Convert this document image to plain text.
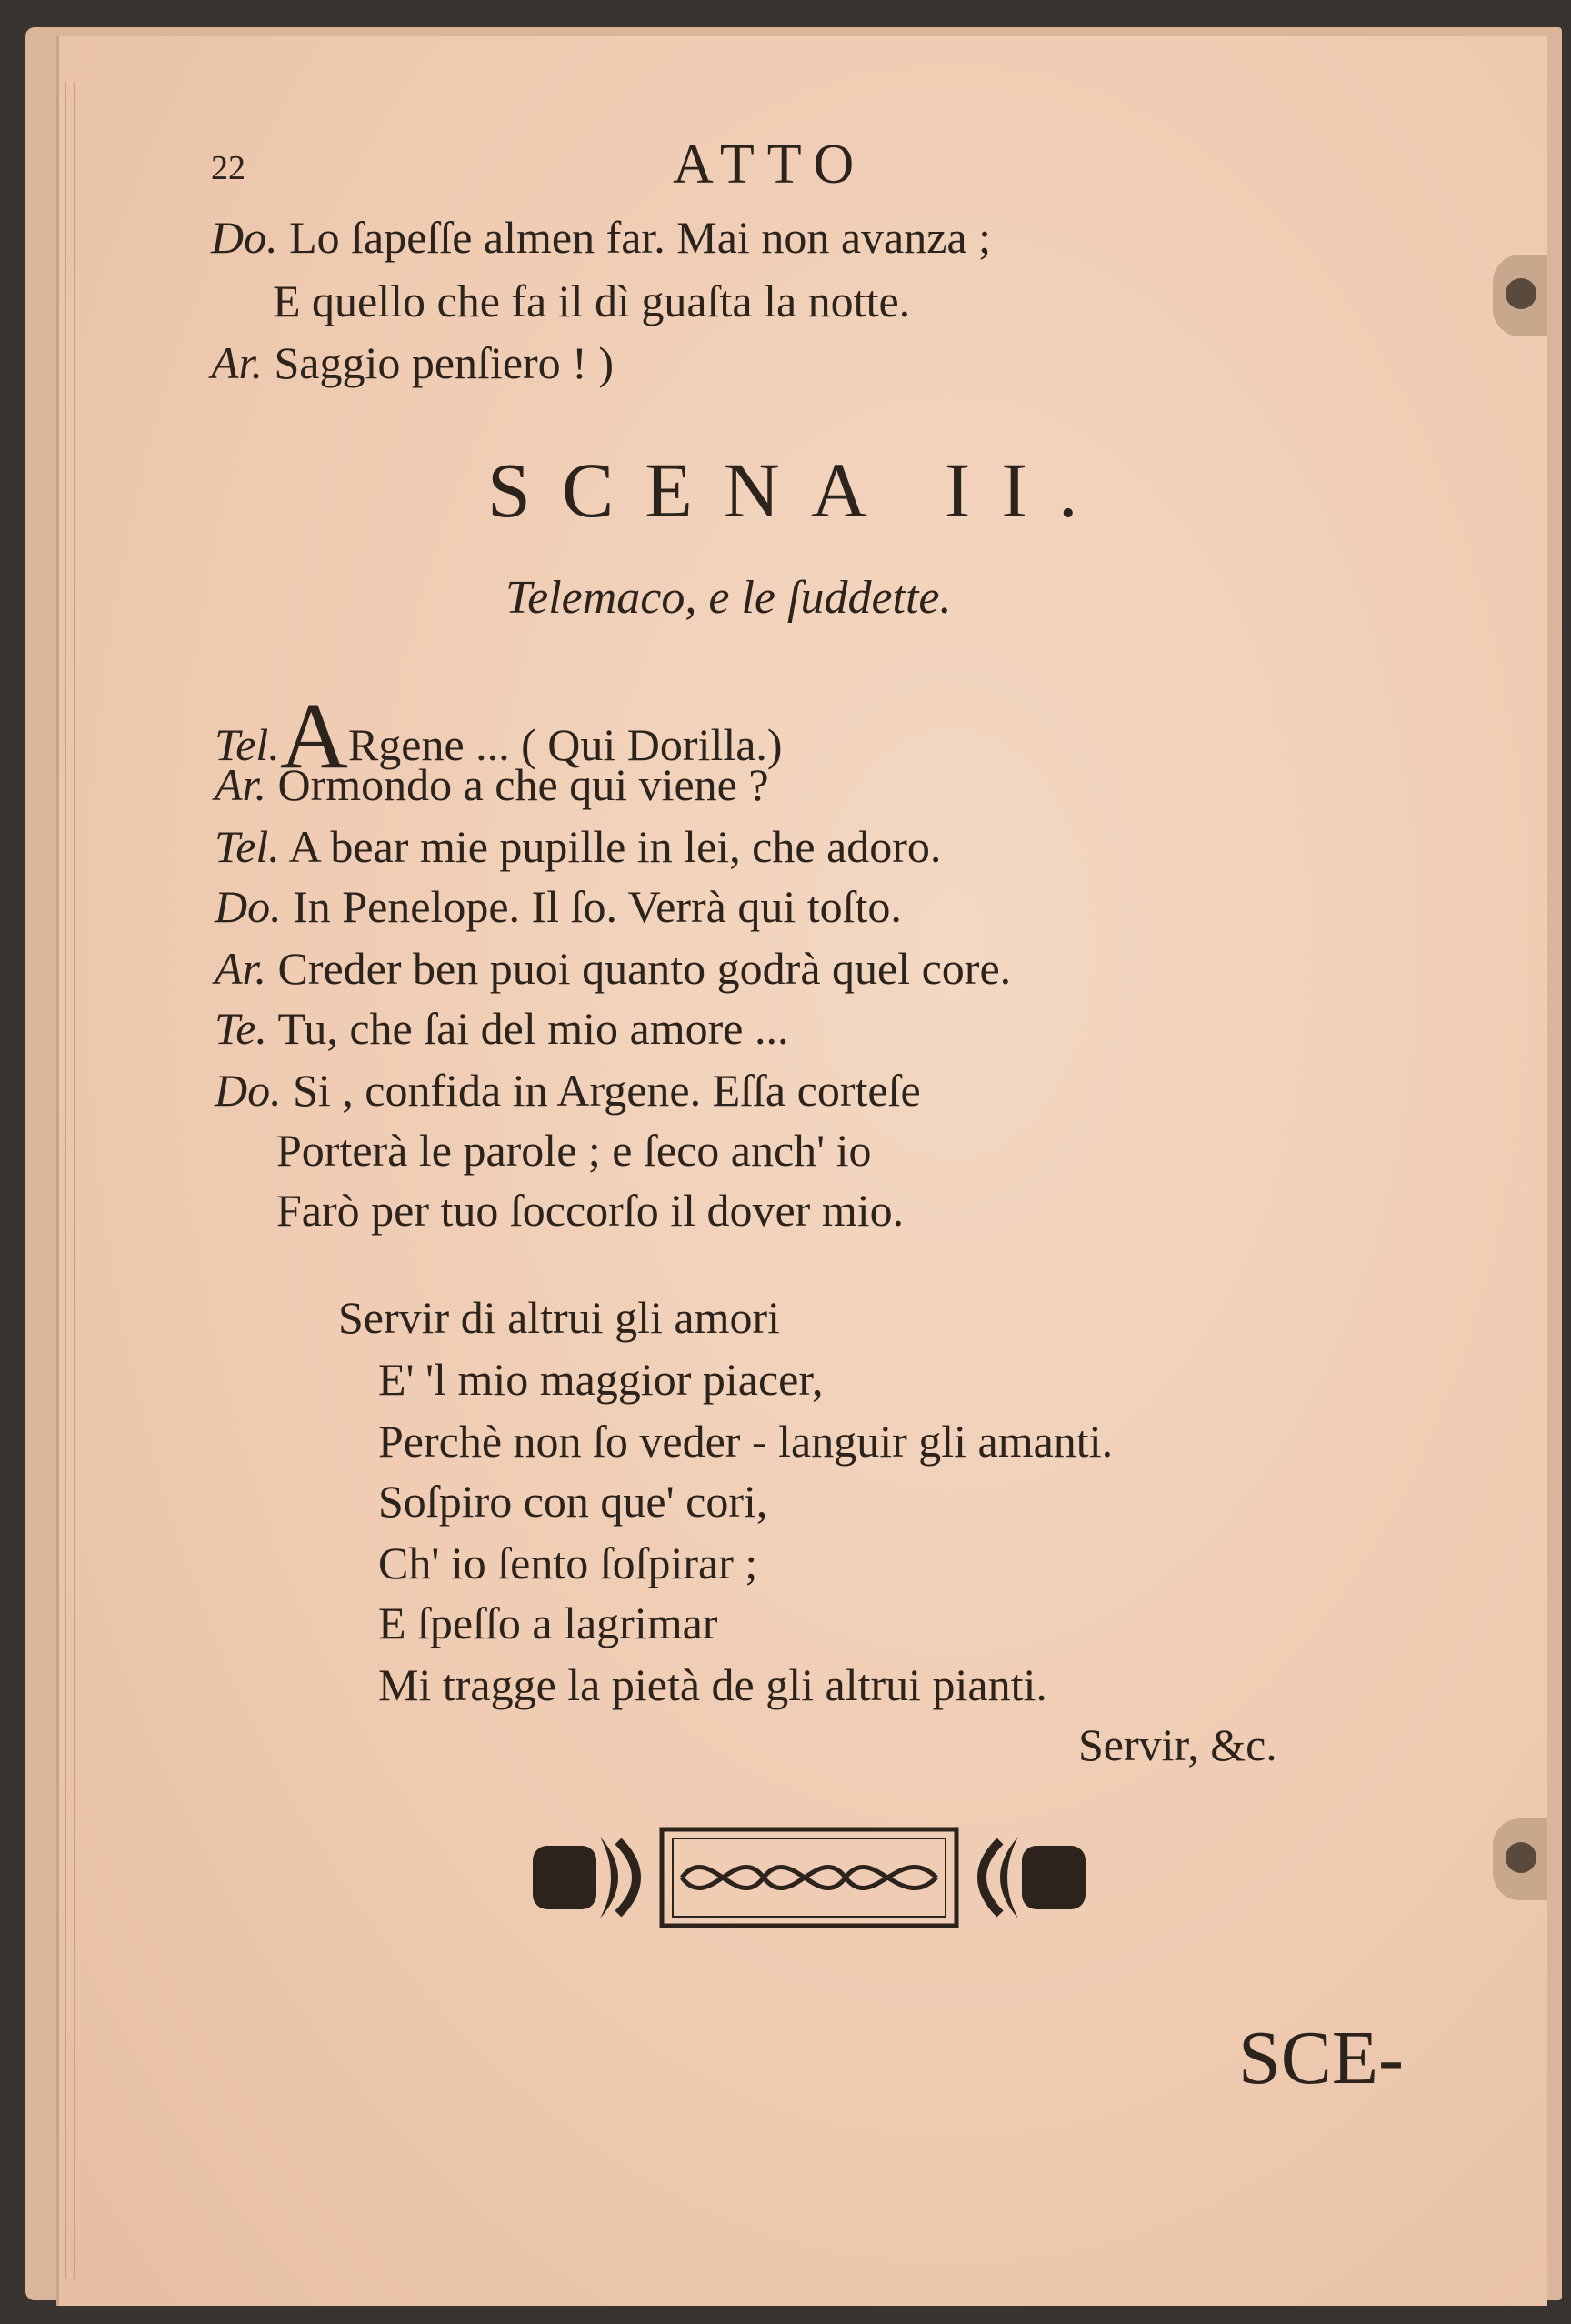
22	ATTO
Do. Lo ſapeſſe almen far. Mai non avanza ;
E quello che fa il dì guaſta la notte.
Ar. Saggio penſiero ! )
SCENA II.
Telemaco, e le ſuddette.
Tel.ARgene ... ( Qui Dorilla.)
Ar. Ormondo a che qui viene ?
Tel. A bear mie pupille in lei, che adoro.
Do. In Penelope. Il ſo. Verrà qui toſto.
Ar. Creder ben puoi quanto godrà quel core.
Te. Tu, che ſai del mio amore ...
Do. Si , confida in Argene. Eſſa corteſe
Porterà le parole ; e ſeco anch' io
Farò per tuo ſoccorſo il dover mio.
Servir di altrui gli amori
E' 'l mio maggior piacer,
Perchè non ſo veder - languir gli amanti.
Soſpiro con que' cori,
Ch' io ſento ſoſpirar ;
E ſpeſſo a lagrimar
Mi tragge la pietà de gli altrui pianti.
Servir, &c.
SCE-
